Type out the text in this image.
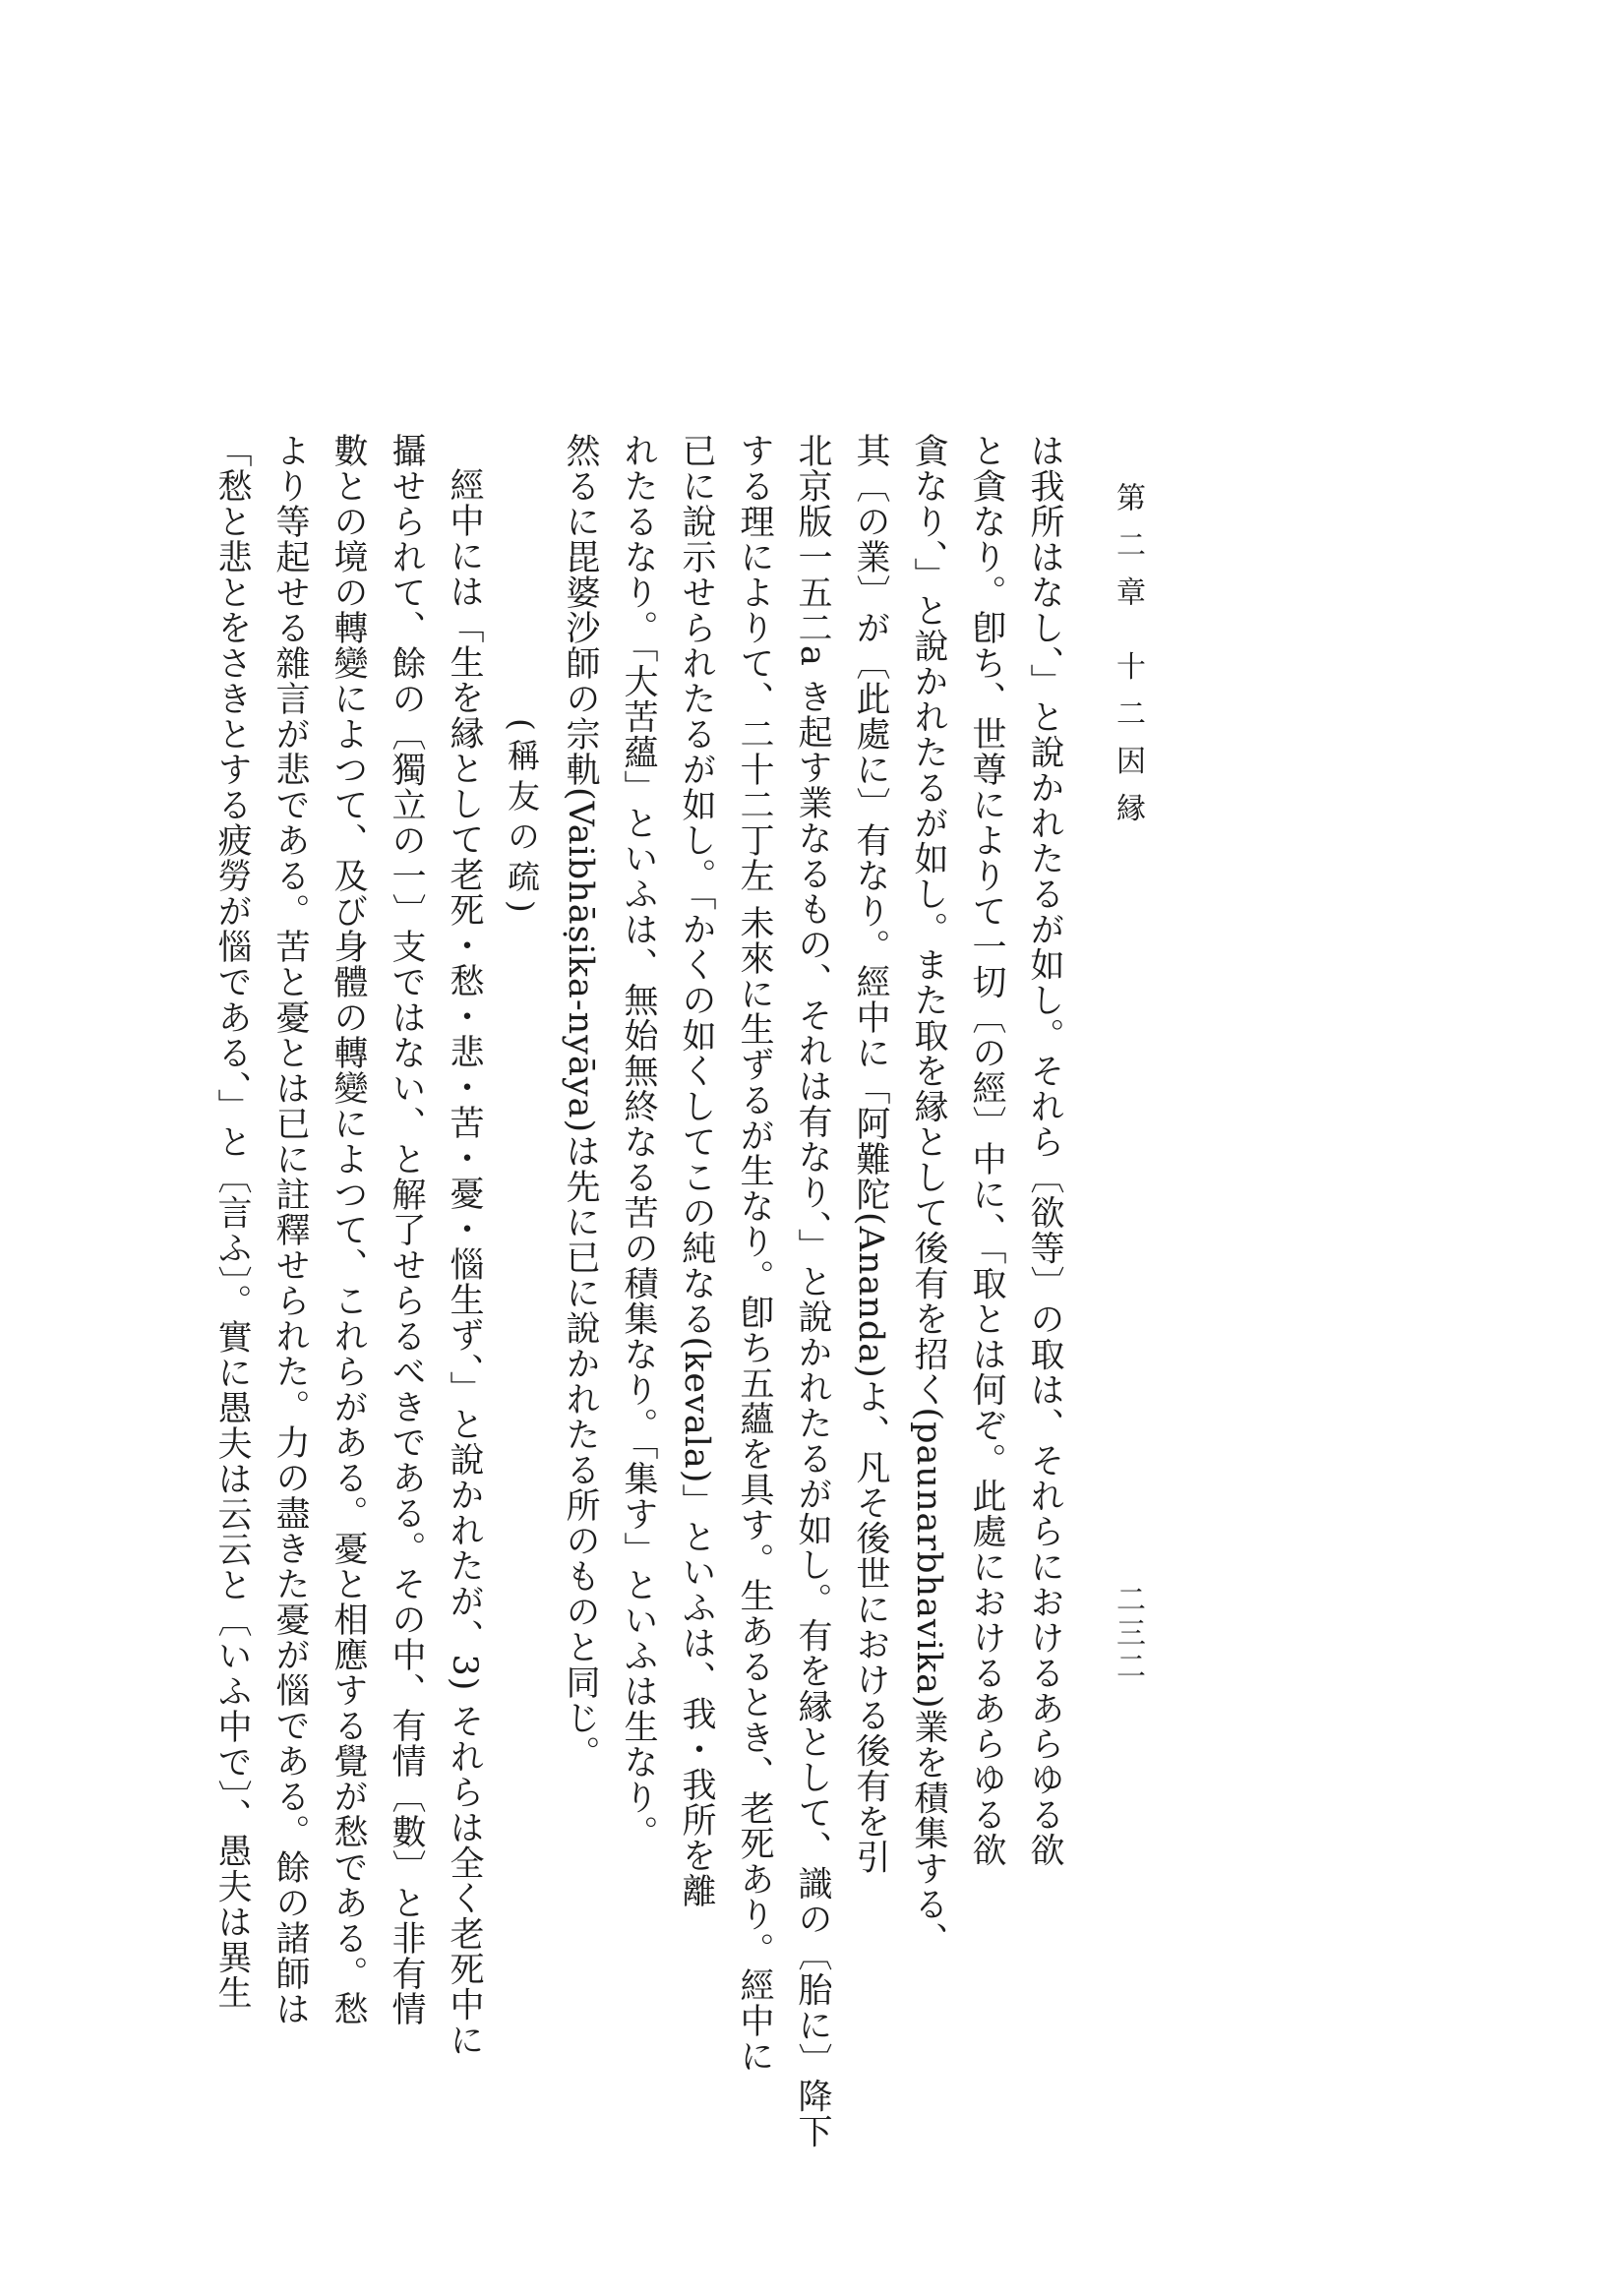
第二章 十二因縁
二三二
は我所はなし、」と說かれたるが如し。それら〔欲等〕の取は、それらにおけるあらゆる欲
と貪なり。卽ち、世尊によりて一切〔の經〕中に、「取とは何ぞ。此處におけるあらゆる欲
貪なり、」と說かれたるが如し。また取を縁として後有を招く(paunarbhavika)業を積集する、
其〔の業〕が〔此處に〕有なり。經中に「阿難陀(Ananda)よ、凡そ後世における後有を引
北京版一五二a き起す業なるもの、それは有なり、」と說かれたるが如し。有を縁として、識の〔胎に〕降下
する理によりて、二十二丁左 未來に生ずるが生なり。卽ち五蘊を具す。生あるとき、老死あり。經中に
已に說示せられたるが如し。「かくの如くしてこの純なる(kevala)」といふは、我・我所を離
れたるなり。「大苦蘊」といふは、無始無終なる苦の積集なり。「集す」といふは生なり。
然るに毘婆沙師の宗軌(Vaibhāṣika-nyāya)は先に已に說かれたる所のものと同じ。
(稱友の疏)
經中には「生を縁として老死・愁・悲・苦・憂・惱生ず、」と說かれたが、3) それらは全く老死中に
攝せられて、餘の〔獨立の一〕支ではない、と解了せらるべきである。その中、有情〔數〕と非有情
數との境の轉變によつて、及び身體の轉變によつて、これらがある。憂と相應する覺が愁である。愁
より等起せる雜言が悲である。苦と憂とは已に註釋せられた。力の盡きた憂が惱である。餘の諸師は
「愁と悲とをさきとする疲勞が惱である、」と〔言ふ〕。實に愚夫は云云と〔いふ中で〕、愚夫は異生
